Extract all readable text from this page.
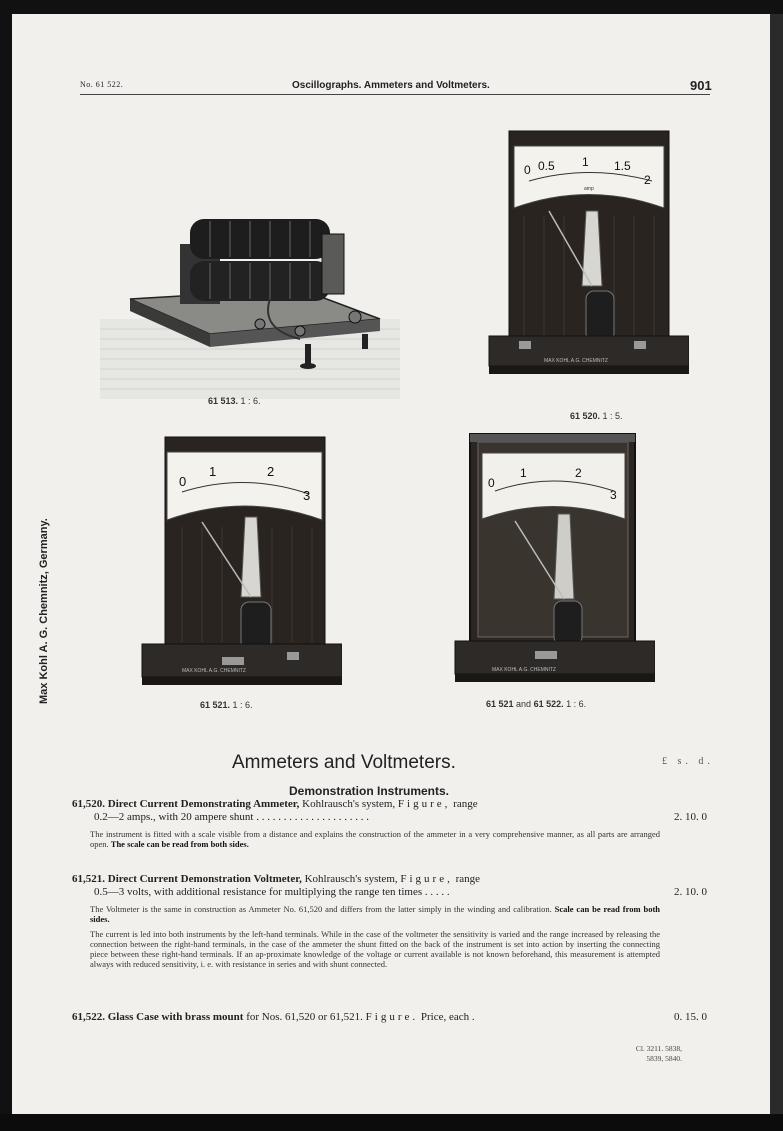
No. 61 522.	Oscillographs. Ammeters and Voltmeters.	901
Max Kohl A. G. Chemnitz, Germany.
61 513. 1 : 6.
0 0.5 1 1.5
2
amp
MAX KOHL A.G. CHEMNITZ
61 520. 1 : 5.
0
1	2
3
MAX KOHL A.G. CHEMNITZ
61 521. 1 : 6.
0
1	2
3
MAX KOHL A.G. CHEMNITZ
61 521 and 61 522. 1 : 6.
Ammeters and Voltmeters.	£ s. d.
Demonstration Instruments.
61,520. Direct Current Demonstrating Ammeter, Kohlrausch's system, Figure, range
0.2—2 amps., with 20 ampere shunt . . . . . . . . . . . . . . . . . . . . .	2. 10. 0
The instrument is fitted with a scale visible from a distance and explains the construction of the ammeter in a very comprehensive manner, as all parts are arranged open. The scale can be read from both sides.
61,521. Direct Current Demonstration Voltmeter, Kohlrausch's system, Figure, range
0.5—3 volts, with additional resistance for multiplying the range ten times . . . . .	2. 10. 0
The Voltmeter is the same in construction as Ammeter No. 61,520 and differs from the latter simply in the winding and calibration. Scale can be read from both sides.
The current is led into both instruments by the left-hand terminals. While in the case of the voltmeter the sensitivity is varied and the range increased by releasing the connection between the right-hand terminals, in the case of the ammeter the shunt fitted on the back of the instrument is set into action by inserting the connecting piece between these right-hand terminals. If an ap-proximate knowledge of the voltage or current available is not known beforehand, this measurement is attempted always with reduced sensitivity, i. e. with resistance in series and with shunt connected.
61,522. Glass Case with brass mount for Nos. 61,520 or 61,521. Figure. Price, each .	0. 15. 0
Cl. 3211. 5838,
5839, 5840.
